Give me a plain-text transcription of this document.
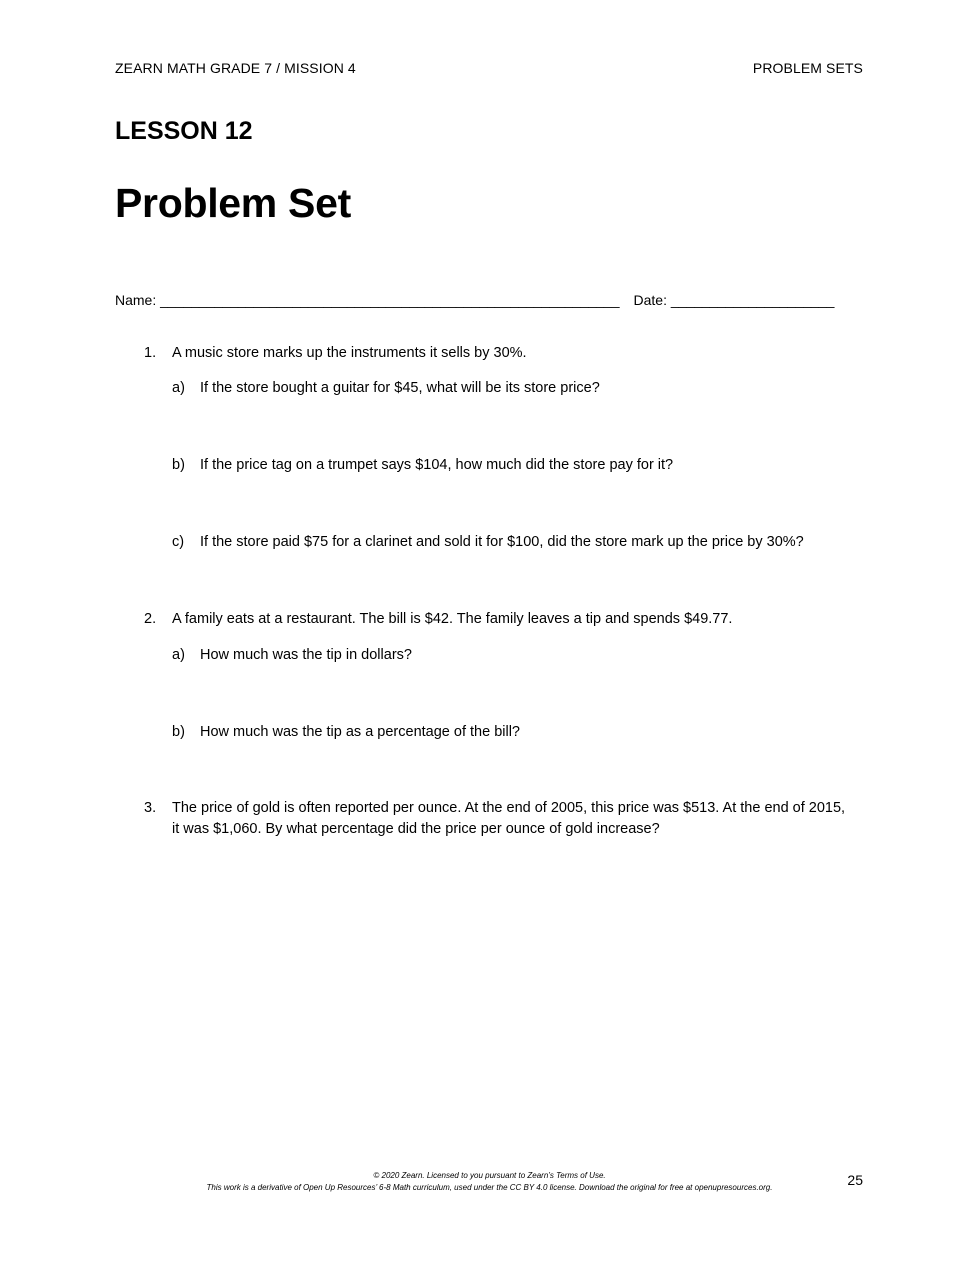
ZEARN MATH GRADE 7 / MISSION 4	PROBLEM SETS
LESSON 12
Problem Set
Name: ___________________________________________________________ Date: _____________________
1. A music store marks up the instruments it sells by 30%.
a) If the store bought a guitar for $45, what will be its store price?
b) If the price tag on a trumpet says $104, how much did the store pay for it?
c) If the store paid $75 for a clarinet and sold it for $100, did the store mark up the price by 30%?
2. A family eats at a restaurant. The bill is $42. The family leaves a tip and spends $49.77.
a) How much was the tip in dollars?
b) How much was the tip as a percentage of the bill?
3. The price of gold is often reported per ounce. At the end of 2005, this price was $513. At the end of 2015,
it was $1,060. By what percentage did the price per ounce of gold increase?
© 2020 Zearn. Licensed to you pursuant to Zearn’s Terms of Use.
This work is a derivative of Open Up Resources’ 6-8 Math curriculum, used under the CC BY 4.0 license. Download the original for free at openupresources.org.	25
